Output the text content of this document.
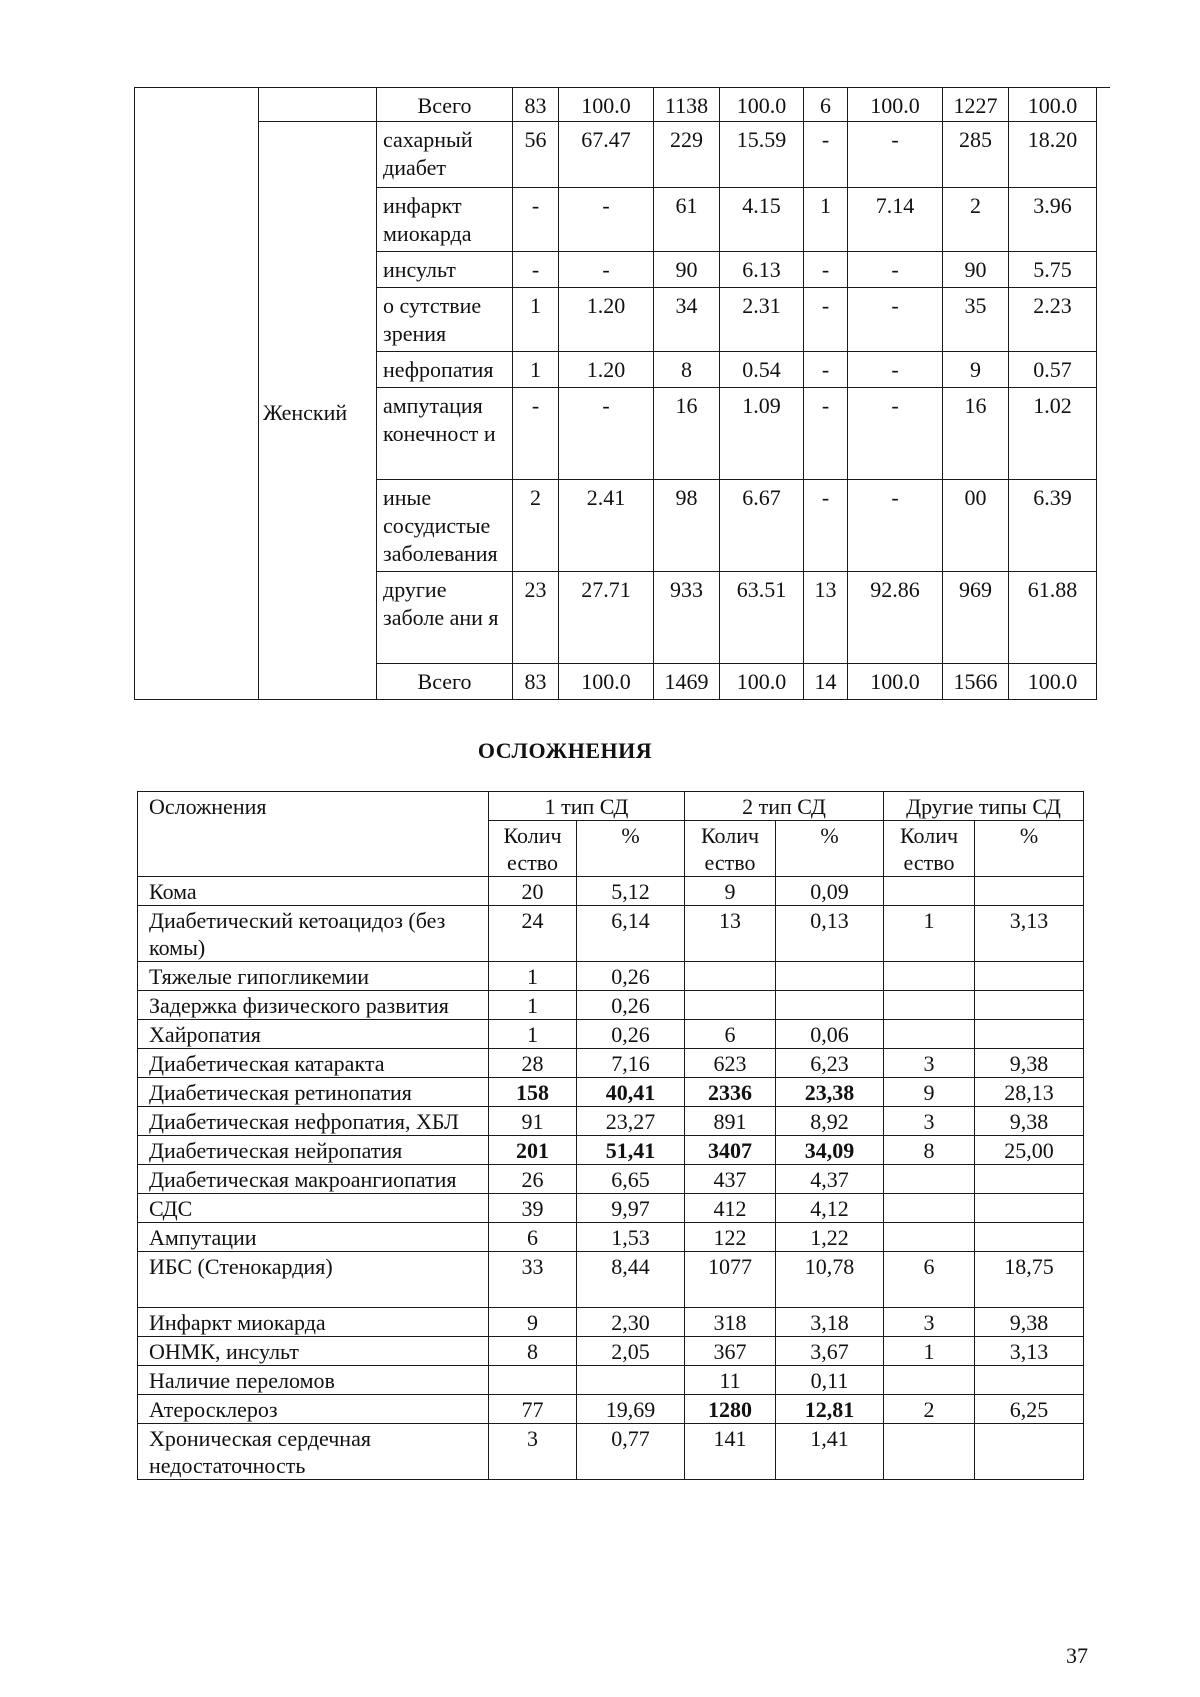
		Всего	83	100.0	1138	100.0	6	100.0	1227	100.0
	Женский	сахарный диабет	56	67.47	229	15.59	-	-	285	18.20
		инфаркт миокарда	-	-	61	4.15	1	7.14	2	3.96
		инсульт	-	-	90	6.13	-	-	90	5.75
		о сутствие зрения	1	1.20	34	2.31	-	-	35	2.23
		нефропатия	1	1.20	8	0.54	-	-	9	0.57
		ампутация конечност и	-	-	16	1.09	-	-	16	1.02
		иные сосудистые заболевания	2	2.41	98	6.67	-	-	00	6.39
		другие заболе ани я	23	27.71	933	63.51	13	92.86	969	61.88
		Всего	83	100.0	1469	100.0	14	100.0	1566	100.0
ОСЛОЖНЕНИЯ
Осложнения	1 тип СД		2 тип СД		Другие типы СД	
	Колич ество	%	Колич ество	%	Колич ество	%
Кома	20	5,12	9	0,09		
Диабетический кетоацидоз (без комы)	24	6,14	13	0,13	1	3,13
Тяжелые гипогликемии	1	0,26				
Задержка физического развития	1	0,26				
Хайропатия	1	0,26	6	0,06		
Диабетическая катаракта	28	7,16	623	6,23	3	9,38
Диабетическая ретинопатия	158	40,41	2336	23,38	9	28,13
Диабетическая нефропатия, ХБЛ	91	23,27	891	8,92	3	9,38
Диабетическая нейропатия	201	51,41	3407	34,09	8	25,00
Диабетическая макроангиопатия	26	6,65	437	4,37		
СДС	39	9,97	412	4,12		
Ампутации	6	1,53	122	1,22		
ИБС (Стенокардия)	33	8,44	1077	10,78	6	18,75
Инфаркт миокарда	9	2,30	318	3,18	3	9,38
ОНМК, инсульт	8	2,05	367	3,67	1	3,13
Наличие переломов			11	0,11		
Атеросклероз	77	19,69	1280	12,81	2	6,25
Хроническая сердечная недостаточность	3	0,77	141	1,41		
37
